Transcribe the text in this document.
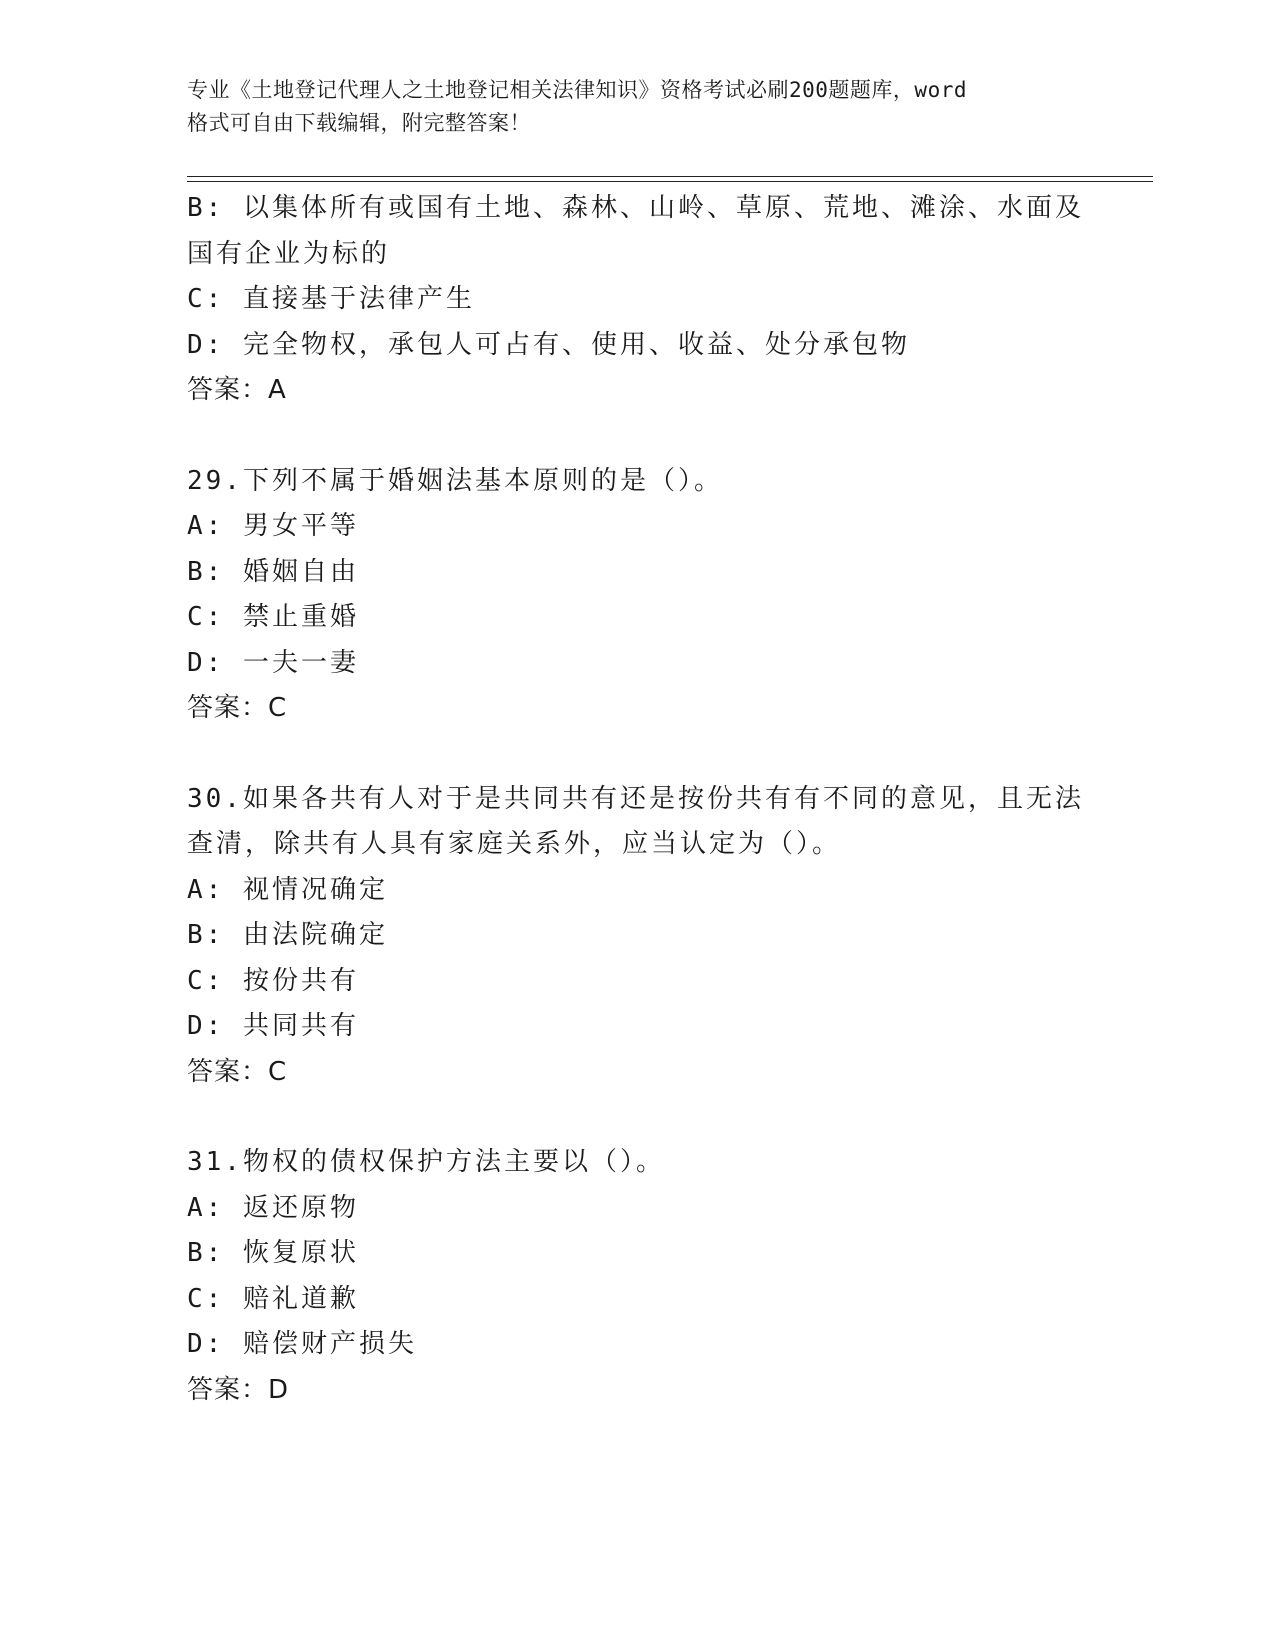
专业《土地登记代理人之土地登记相关法律知识》资格考试必刷200题题库，word
格式可自由下载编辑，附完整答案！
B: 以集体所有或国有土地、森林、山岭、草原、荒地、滩涂、水面及
国有企业为标的
C: 直接基于法律产生
D: 完全物权，承包人可占有、使用、收益、处分承包物
答案：A
29.下列不属于婚姻法基本原则的是（）。
A: 男女平等
B: 婚姻自由
C: 禁止重婚
D: 一夫一妻
答案：C
30.如果各共有人对于是共同共有还是按份共有有不同的意见，且无法
查清，除共有人具有家庭关系外，应当认定为（）。
A: 视情况确定
B: 由法院确定
C: 按份共有
D: 共同共有
答案：C
31.物权的债权保护方法主要以（）。
A: 返还原物
B: 恢复原状
C: 赔礼道歉
D: 赔偿财产损失
答案：D
